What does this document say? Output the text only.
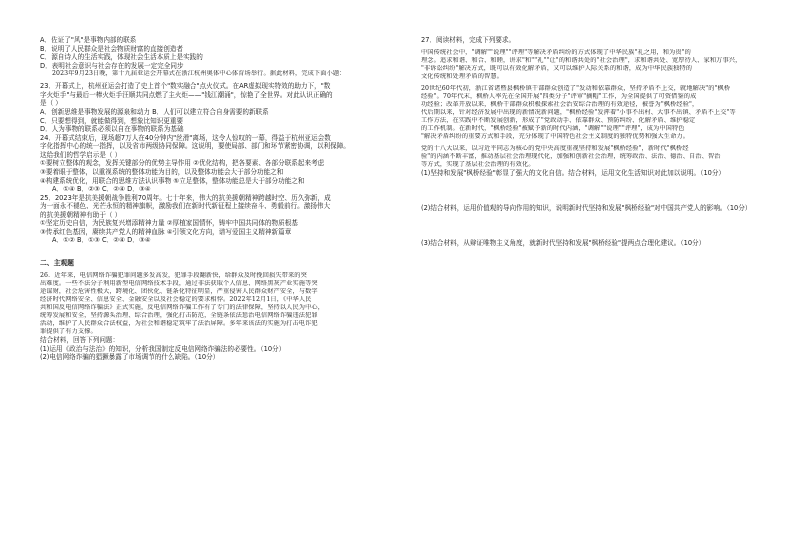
A．佐证了"风"是事物内部的联系
B．说明了人民群众是社会物质财富的直接创造者
C．源自诗人的生活实践，体现社会生活本质上是实践的
D．表明社会意识与社会存在的发展一定完全同步
2023年9月23日晚，第十九届亚运会开幕式在浙江杭州奥体中心体育场举行。据此材料，完成下面小题：
23．开幕式上，杭州亚运会打造了史上首个"数实融合"点火仪式。在AR虚拟现实特效的助力下，"数
字火炬手"与最后一棒火炬手汪顺共同点燃了主火炬——"钱江潮涌"，惊艳了全世界。对此认识正确的
是（ ）
A．创新思维是事物发展的源泉和动力 B．人们可以建立符合自身需要的新联系
C．只要想得到，就能做得到，想象比知识更重要
D．人为事物的联系必须以自在事物的联系为基础
24．开幕式结束后，现场超7万人在40分钟内"丝滑"离场，这令人惊叹的一幕，得益于杭州亚运会数
字化指挥中心的统一指挥，以及省市两级协同保障。这说明，要使局部、部门和环节紧密协调，以利保障。
这给我们的哲学启示是（ ）
①要树立整体的观念，发挥关键部分的优势主导作用 ②优化结构，把各要素、各部分联系起来考虑
③要着眼于整体，以重视系统的整体功能为目的，以及整体功能会大于部分功能之和
④构建系统优化，用联合的思维方法认识事物 ⑤立足整体，整体功能总是大于部分功能之和
A．①④ B．②③ C．②④ D．③④
25．2023年是抗美援朝战争胜利70周年。七十年来，伟大的抗美援朝精神跨越时空、历久弥新，成
为一面永不褪色、光芒永恒的精神旗帜，激励我们在新时代新征程上接续奋斗、勇毅前行。激扬伟大
的抗美援朝精神有助于（ ）
①坚定历史自信，为民族复兴增添精神力量 ②厚植家国情怀，铸牢中国共同体的物质根基
③传承红色基因，赓续共产党人的精神血脉 ④引领文化方向，谱写爱国主义精神新篇章
A．①② B．①③ C．②④ D．③④
二、主观题
26．近年来，电信网络诈骗犯罪问题多发高发，犯罪手段翻新快，给群众及时挽回损失带来的突
出难度。一些不法分子利用新型电信网络技术手段，通过非法获取个人信息、网络黑灰产业实施等突
途谋财，社会危害性极大，跨境化、团伙化、链条化特征明显，严重侵害人民群众财产安全，与数字
经济时代网络安全、信息安全、金融安全以及社会稳定的要求相悖。2022年12月1日，《中华人民
共和国反电信网络诈骗法》正式实施，反电信网络诈骗工作有了专门的法律保障，坚持以人民为中心，
统筹发展和安全，坚持源头治理、综合治理，强化打击防范，全链条依法惩治电信网络诈骗违法犯罪
活动，维护了人民群众合法权益，为社会和谐稳定筑牢了法治屏障。多年来该法的实施为打击电诈犯
罪提供了有力支撑。
结合材料，回答下列问题：
(1)运用《政治与法治》的知识，分析我国制定反电信网络诈骗法的必要性。（10分）
(2)电信网络诈骗的猖獗暴露了市场调节的什么缺陷。（10分）
27．阅读材料，完成下列要求。
中国传统社会中，"调解""说理""评理"等解决矛盾纠纷的方式体现了中华民族"礼之用，和为贵"的
理念。追求和谐、和合、和睦，讲求"和""礼""让"的和谐共处的"社会治理"，求和谐共处、宽厚待人、家和万事兴，
"非诉讼纠纷"解决方式，既可以有效化解矛盾，又可以维护人际关系的和谐，成为中华民族独特的
文化传统和处理矛盾的智慧。
20世纪60年代初，浙江省诸暨县枫桥镇干部群众创造了"发动和依靠群众，坚持矛盾不上交，就地解决"的"枫桥
经验"。70年代末，枫桥人率先在全国开展"四类分子"评审"摘帽"工作，为全国提供了可资借鉴的成
功经验；改革开放以来，枫桥干部群众积极探索社会治安综合治理的有效途径，被誉为"枫桥经验"，
代后期以来，针对经济发展中出现的新情况新问题，"枫桥经验"发挥着"小事不出村、大事不出镇、矛盾不上交"等
工作方法，在实践中不断发展创新，形成了"党政动手、依靠群众、预防纠纷、化解矛盾、维护稳定
的工作机制。在新时代，"枫桥经验"被赋予新的时代内涵，"调解""说理""评理"，成为中国特色
"解决矛盾纠纷的重要方式和手段，充分体现了中国特色社会主义制度的独特优势和强大生命力。
党的十八大以来，以习近平同志为核心的党中央高度重视坚持和发展"枫桥经验"，新时代"枫桥经
验"的内涵不断丰富，推动基层社会治理现代化，加强和创新社会治理，统筹政治、法治、德治、自治、智治
等方式，实现了基层社会治理的有效化。
(1)坚持和发展"枫桥经验"彰显了强大的文化自信。结合材料，运用文化生活知识对此加以说明。（10分）
(2)结合材料，运用价值观的导向作用的知识，说明新时代坚持和发展"枫桥经验"对中国共产党人的影响。（10分）
(3)结合材料，从辩证唯物主义角度，就新时代坚持和发展"枫桥经验"提两点合理化建议。（10分）
